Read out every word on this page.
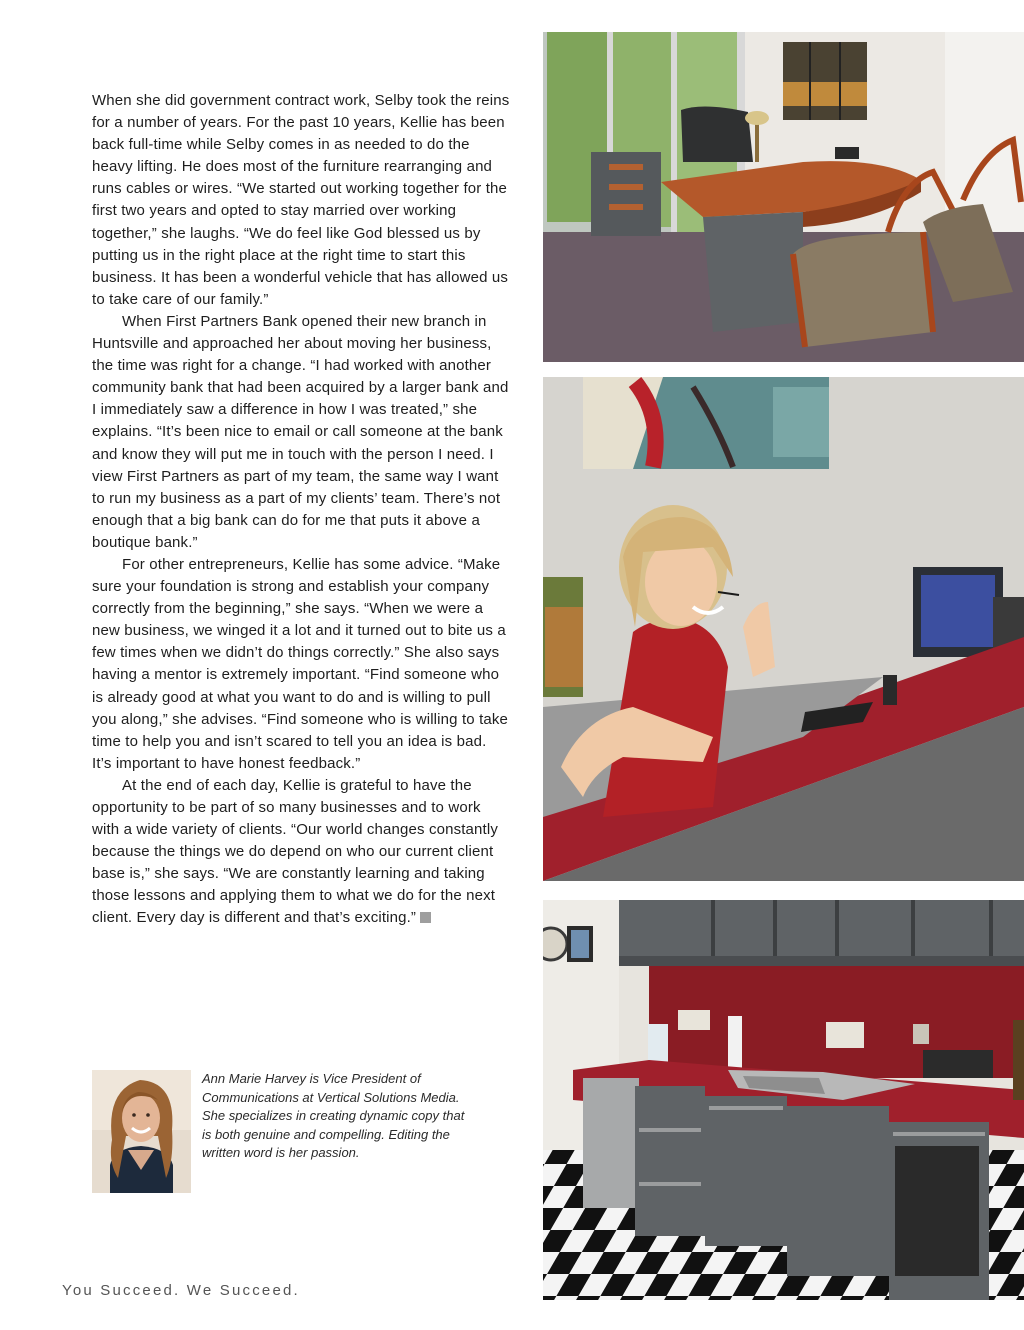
When she did government contract work, Selby took the reins for a number of years. For the past 10 years, Kellie has been back full-time while Selby comes in as needed to do the heavy lifting. He does most of the furniture rearranging and runs cables or wires. “We started out working together for the first two years and opted to stay married over working together,” she laughs. “We do feel like God blessed us by putting us in the right place at the right time to start this business. It has been a wonderful vehicle that has allowed us to take care of our family.”

When First Partners Bank opened their new branch in Huntsville and approached her about moving her business, the time was right for a change. “I had worked with another community bank that had been acquired by a larger bank and I immediately saw a difference in how I was treated,” she explains. “It’s been nice to email or call someone at the bank and know they will put me in touch with the person I need. I view First Partners as part of my team, the same way I want to run my business as a part of my clients’ team. There’s not enough that a big bank can do for me that puts it above a boutique bank.”

For other entrepreneurs, Kellie has some advice. “Make sure your foundation is strong and establish your company correctly from the beginning,” she says. “When we were a new business, we winged it a lot and it turned out to bite us a few times when we didn’t do things correctly.” She also says having a mentor is extremely important. “Find someone who is already good at what you want to do and is willing to pull you along,” she advises. “Find someone who is willing to take time to help you and isn’t scared to tell you an idea is bad. It’s important to have honest feedback.”

At the end of each day, Kellie is grateful to have the opportunity to be part of so many businesses and to work with a wide variety of clients. “Our world changes constantly because the things we do depend on who our current client base is,” she says. “We are constantly learning and taking those lessons and applying them to what we do for the next client. Every day is different and that’s exciting.”

Ann Marie Harvey is Vice President of Communications at Vertical Solutions Media. She specializes in creating dynamic copy that is both genuine and compelling. Editing the written word is her passion.
You Succeed. We Succeed.
